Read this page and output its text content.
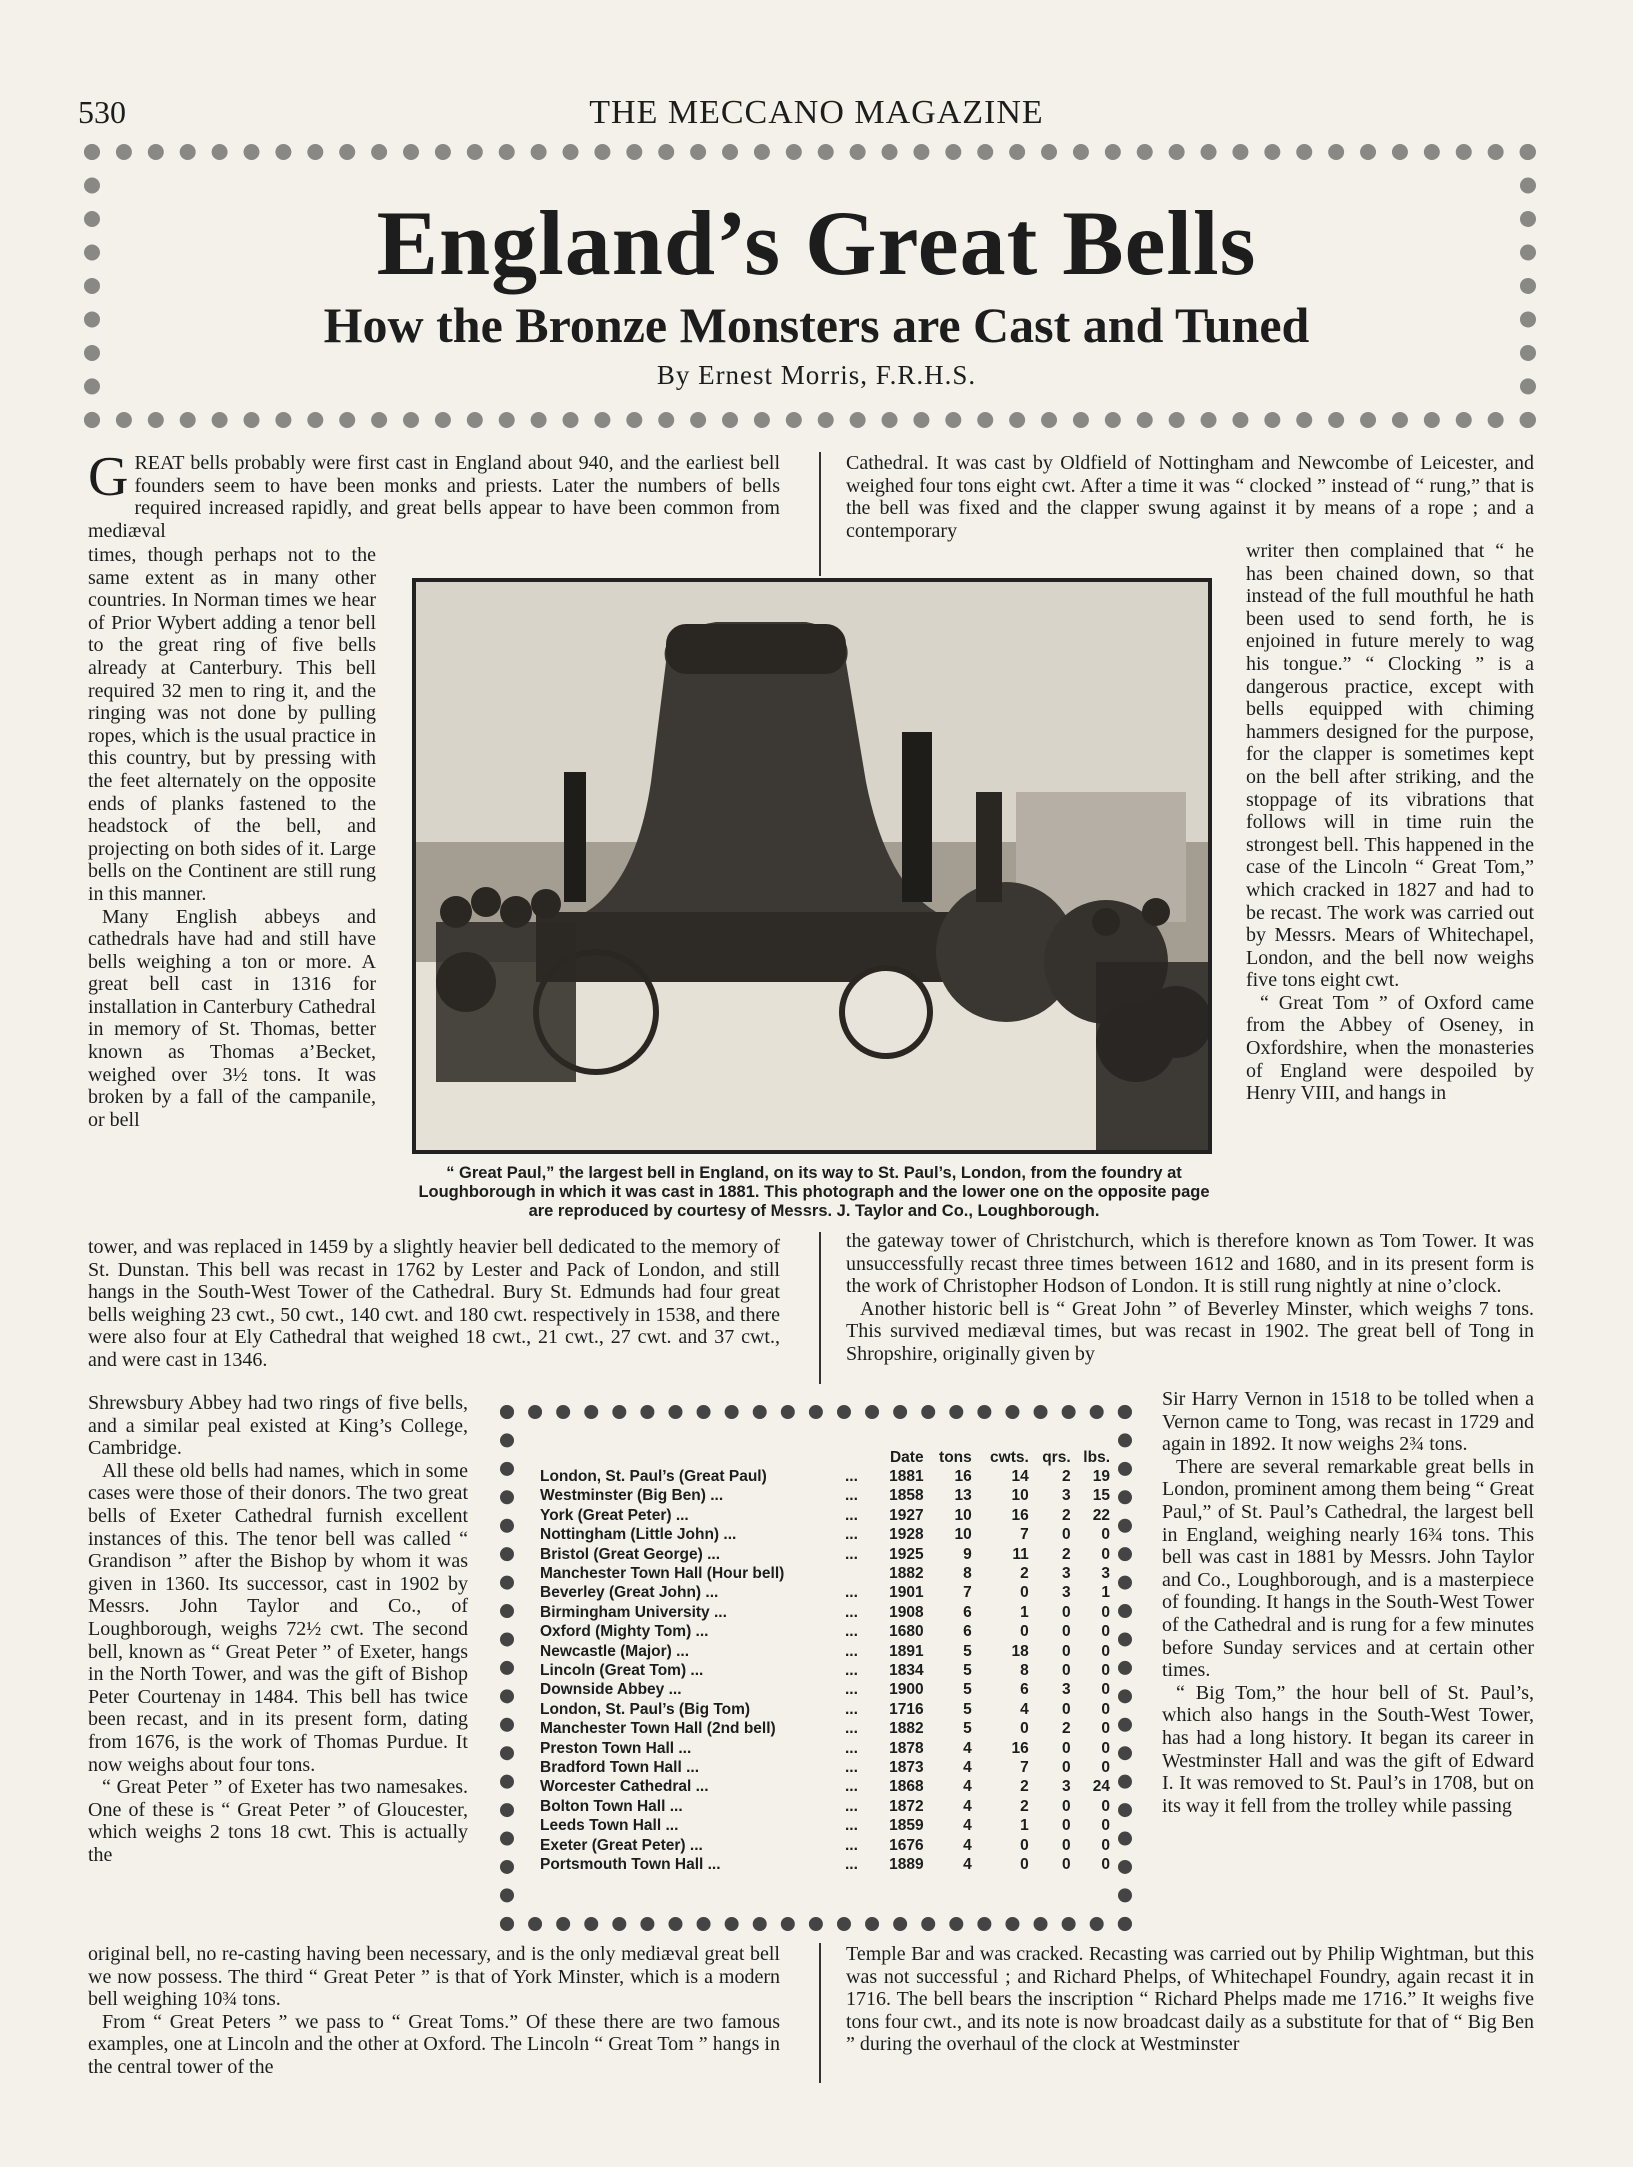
530	THE MECCANO MAGAZINE
England’s Great Bells
How the Bronze Monsters are Cast and Tuned
By Ernest Morris, F.R.H.S.
G REAT bells probably were first cast in England about 940, and the earliest bell founders seem to have been monks and priests. Later the numbers of bells required increased rapidly, and great bells appear to have been common from mediæval

times, though perhaps not to the same extent as in many other countries. In Norman times we hear of Prior Wybert adding a tenor bell to the great ring of five bells already at Canterbury. This bell required 32 men to ring it, and the ringing was not done by pulling ropes, which is the usual practice in this country, but by pressing with the feet alternately on the opposite ends of planks fastened to the headstock of the bell, and projecting on both sides of it. Large bells on the Continent are still rung in this manner.

Many English abbeys and cathedrals have had and still have bells weighing a ton or more. A great bell cast in 1316 for installation in Canterbury Cathedral in memory of St. Thomas, better known as Thomas a’Becket, weighed over 3½ tons. It was broken by a fall of the campanile, or bell

tower, and was replaced in 1459 by a slightly heavier bell dedicated to the memory of St. Dunstan. This bell was recast in 1762 by Lester and Pack of London, and still hangs in the South-West Tower of the Cathedral. Bury St. Edmunds had four great bells weighing 23 cwt., 50 cwt., 140 cwt. and 180 cwt. respectively in 1538, and there were also four at Ely Cathedral that weighed 18 cwt., 21 cwt., 27 cwt. and 37 cwt., and were cast in 1346.

Shrewsbury Abbey had two rings of five bells, and a similar peal existed at King’s College, Cambridge.

All these old bells had names, which in some cases were those of their donors. The two great bells of Exeter Cathedral furnish excellent instances of this. The tenor bell was called “ Grandison ” after the Bishop by whom it was given in 1360. Its successor, cast in 1902 by Messrs. John Taylor and Co., of Loughborough, weighs 72½ cwt. The second bell, known as “ Great Peter ” of Exeter, hangs in the North Tower, and was the gift of Bishop Peter Courtenay in 1484. This bell has twice been recast, and in its present form, dating from 1676, is the work of Thomas Purdue. It now weighs about four tons.

“ Great Peter ” of Exeter has two namesakes. One of these is “ Great Peter ” of Gloucester, which weighs 2 tons 18 cwt. This is actually the

original bell, no re-casting having been necessary, and is the only mediæval great bell we now possess. The third “ Great Peter ” is that of York Minster, which is a modern bell weighing 10¾ tons.

From “ Great Peters ” we pass to “ Great Toms.” Of these there are two famous examples, one at Lincoln and the other at Oxford. The Lincoln “ Great Tom ” hangs in the central tower of the

Cathedral. It was cast by Oldfield of Nottingham and Newcombe of Leicester, and weighed four tons eight cwt. After a time it was “ clocked ” instead of “ rung,” that is the bell was fixed and the clapper swung against it by means of a rope ; and a contemporary

writer then complained that “ he has been chained down, so that instead of the full mouthful he hath been used to send forth, he is enjoined in future merely to wag his tongue.” “ Clocking ” is a dangerous practice, except with bells equipped with chiming hammers designed for the purpose, for the clapper is sometimes kept on the bell after striking, and the stoppage of its vibrations that follows will in time ruin the strongest bell. This happened in the case of the Lincoln “ Great Tom,” which cracked in 1827 and had to be recast. The work was carried out by Messrs. Mears of Whitechapel, London, and the bell now weighs five tons eight cwt.

“ Great Tom ” of Oxford came from the Abbey of Oseney, in Oxfordshire, when the monasteries of England were despoiled by Henry VIII, and hangs in

the gateway tower of Christchurch, which is therefore known as Tom Tower. It was unsuccessfully recast three times between 1612 and 1680, and in its present form is the work of Christopher Hodson of London. It is still rung nightly at nine o’clock.

Another historic bell is “ Great John ” of Beverley Minster, which weighs 7 tons. This survived mediæval times, but was recast in 1902. The great bell of Tong in Shropshire, originally given by

Sir Harry Vernon in 1518 to be tolled when a Vernon came to Tong, was recast in 1729 and again in 1892. It now weighs 2¾ tons.

There are several remarkable great bells in London, prominent among them being “ Great Paul,” of St. Paul’s Cathedral, the largest bell in England, weighing nearly 16¾ tons. This bell was cast in 1881 by Messrs. John Taylor and Co., Loughborough, and is a masterpiece of founding. It hangs in the South-West Tower of the Cathedral and is rung for a few minutes before Sunday services and at certain other times.

“ Big Tom,” the hour bell of St. Paul’s, which also hangs in the South-West Tower, has had a long history. It began its career in Westminster Hall and was the gift of Edward I. It was removed to St. Paul’s in 1708, but on its way it fell from the trolley while passing

Temple Bar and was cracked. Recasting was carried out by Philip Wightman, but this was not successful ; and Richard Phelps, of Whitechapel Foundry, again recast it in 1716. The bell bears the inscription “ Richard Phelps made me 1716.” It weighs five tons four cwt., and its note is now broadcast daily as a substitute for that of “ Big Ben ” during the overhaul of the clock at Westminster

“ Great Paul,” the largest bell in England, on its way to St. Paul’s, London, from the foundry at Loughborough in which it was cast in 1881. This photograph and the lower one on the opposite page are reproduced by courtesy of Messrs. J. Taylor and Co., Loughborough.
		Date	tons	cwts.	qrs.	lbs.
London, St. Paul’s (Great Paul)	...	1881	16	14	2	19
Westminster (Big Ben) ...	...	1858	13	10	3	15
York (Great Peter) ...	...	1927	10	16	2	22
Nottingham (Little John) ...	...	1928	10	7	0	0
Bristol (Great George) ...	...	1925	9	11	2	0
Manchester Town Hall (Hour bell)		1882	8	2	3	3
Beverley (Great John) ...	...	1901	7	0	3	1
Birmingham University ...	...	1908	6	1	0	0
Oxford (Mighty Tom) ...	...	1680	6	0	0	0
Newcastle (Major) ...	...	1891	5	18	0	0
Lincoln (Great Tom) ...	...	1834	5	8	0	0
Downside Abbey ...	...	1900	5	6	3	0
London, St. Paul’s (Big Tom)	...	1716	5	4	0	0
Manchester Town Hall (2nd bell)	...	1882	5	0	2	0
Preston Town Hall ...	...	1878	4	16	0	0
Bradford Town Hall ...	...	1873	4	7	0	0
Worcester Cathedral ...	...	1868	4	2	3	24
Bolton Town Hall ...	...	1872	4	2	0	0
Leeds Town Hall ...	...	1859	4	1	0	0
Exeter (Great Peter) ...	...	1676	4	0	0	0
Portsmouth Town Hall ...	...	1889	4	0	0	0
